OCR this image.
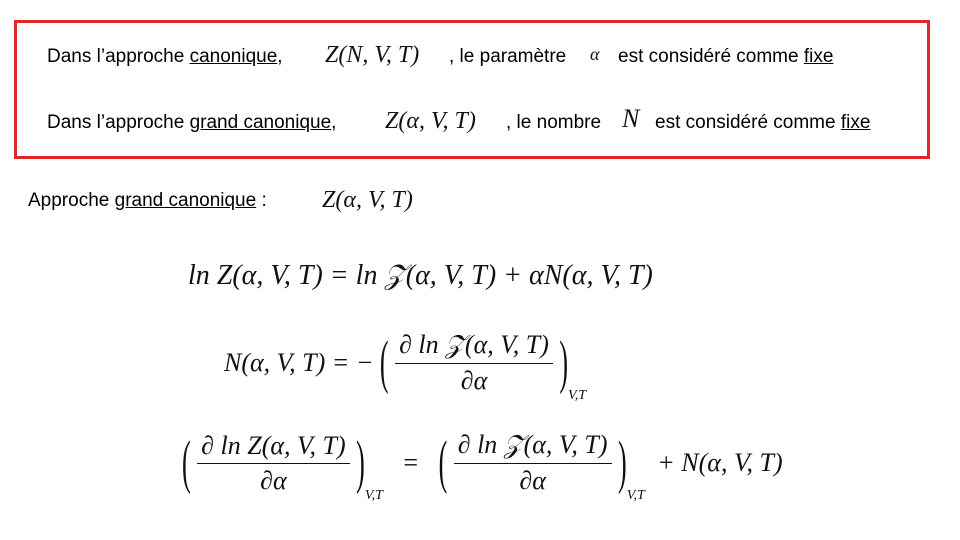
Dans l’approche canonique, Z(N, V, T) , le paramètre α est considéré comme fixe
Dans l’approche grand canonique, Z(α, V, T) , le nombre N est considéré comme fixe
Approche grand canonique : Z(α, V, T)
ln Z(α, V, T) = ln 𝒵(α, V, T) + αN(α, V, T)
N(α, V, T) = − ( $\frac{\text{∂ ln 𝒵(α, V, T)}}{\partial\alpha} )V,T$
( $\frac{\text{∂ ln Z(α, V, T)}}{\partial\alpha} )V,T$ = ( $\frac{\text{∂ ln 𝒵(α, V, T)}}{\partial\alpha} )V,T + N(\alpha$, V, T)
